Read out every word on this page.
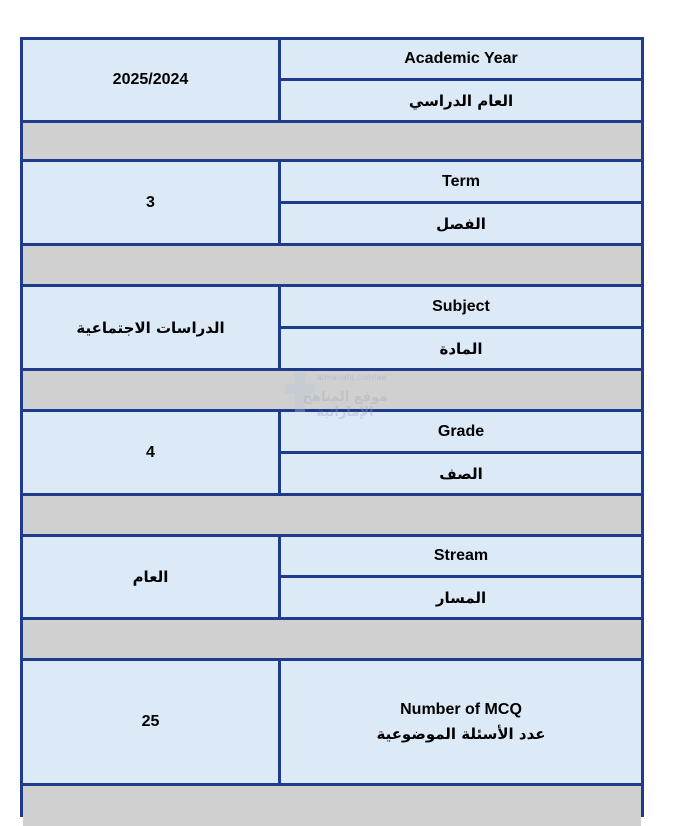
2025/2024
Academic Year
العام الدراسي
3
Term
الفصل
الدراسات الاجتماعية
Subject
المادة
4
Grade
الصف
العام
Stream
المسار
25
Number of MCQ
عدد الأسئلة الموضوعية
almanahj.com/ae
موقع المناهج الإماراتية
